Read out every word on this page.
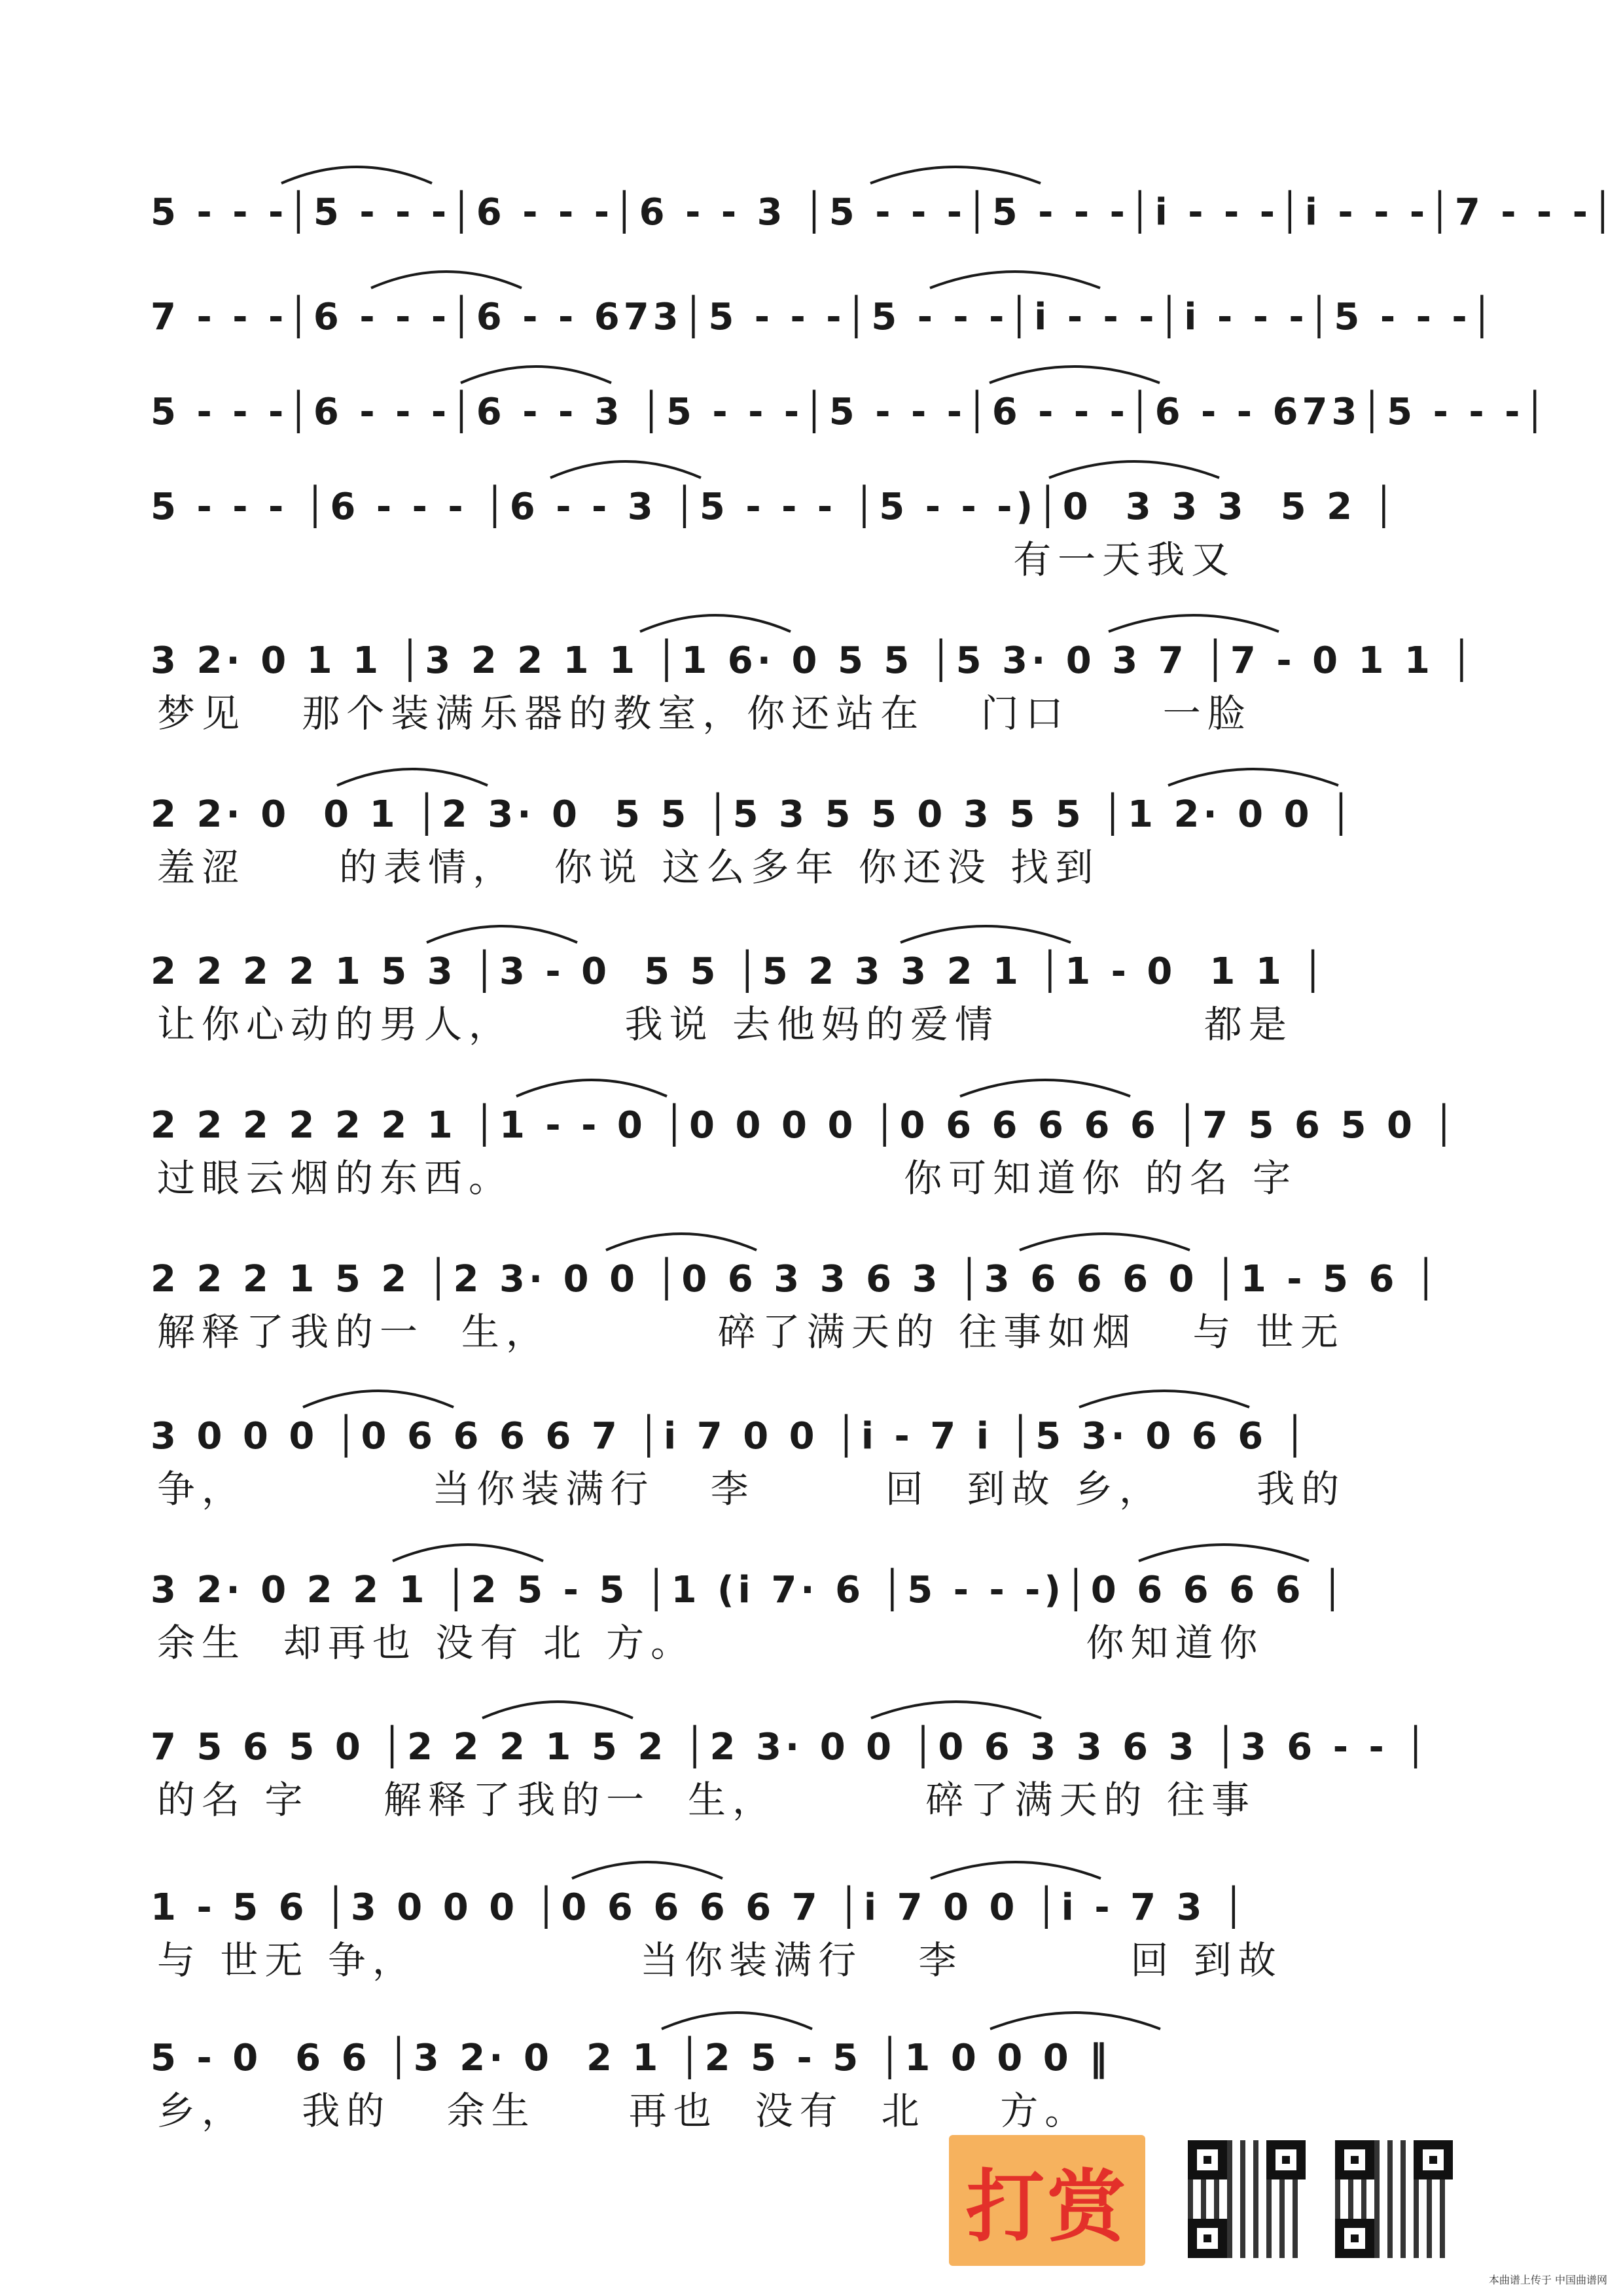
5 - - -│5 - - -│6 - - -│6 - - 3 │5 - - -│5 - - -│i - - -│i - - -│7 - - -│
7 - - -│6 - - -│6 - - 673│5 - - -│5 - - -│i - - -│i - - -│5 - - -│
5 - - -│6 - - -│6 - - 3 │5 - - -│5 - - -│6 - - -│6 - - 673│5 - - -│
5 - - - │6 - - - │6 - - 3 │5 - - - │5 - - -)│0  3 3 3  5 2 │
有一天我又
3 2· 0 1 1 │3 2 2 1 1 │1 6· 0 5 5 │5 3· 0 3 7 │7 - 0 1 1 │
梦见   那个装满乐器的教室，你还站在   门口     一脸
2 2· 0  0 1 │2 3· 0  5 5 │5 3 5 5 0 3 5 5 │1 2· 0 0 │
羞涩     的表情，  你说 这么多年 你还没 找到
2 2 2 2 1 5 3 │3 - 0  5 5 │5 2 3 3 2 1 │1 - 0  1 1 │
让你心动的男人，      我说 去他妈的爱情           都是
2 2 2 2 2 2 1 │1 - - 0 │0 0 0 0 │0 6 6 6 6 6 │7 5 6 5 0 │
过眼云烟的东西。                     你可知道你 的名 字
2 2 2 1 5 2 │2 3· 0 0 │0 6 3 3 6 3 │3 6 6 6 0 │1 - 5 6 │
解释了我的一  生，         碎了满天的 往事如烟   与 世无
3 0 0 0 │0 6 6 6 6 7 │i 7 0 0 │i - 7 i │5 3· 0 6 6 │
争，          当你装满行   李       回  到故 乡，     我的
3 2· 0 2 2 1 │2 5 - 5 │1 (i 7· 6 │5 - - -)│0 6 6 6 6 │
余生  却再也 没有 北 方。                     你知道你
7 5 6 5 0 │2 2 2 1 5 2 │2 3· 0 0 │0 6 3 3 6 3 │3 6 - - │
的名 字    解释了我的一  生，        碎了满天的 往事
1 - 5 6 │3 0 0 0 │0 6 6 6 6 7 │i 7 0 0 │i - 7 3 │
与 世无 争，            当你装满行   李         回 到故
5 - 0  6 6 │3 2· 0  2 1 │2 5 - 5 │1 0 0 0 ‖
乡，   我的   余生     再也  没有  北    方。
打赏
本曲谱上传于 中国曲谱网
